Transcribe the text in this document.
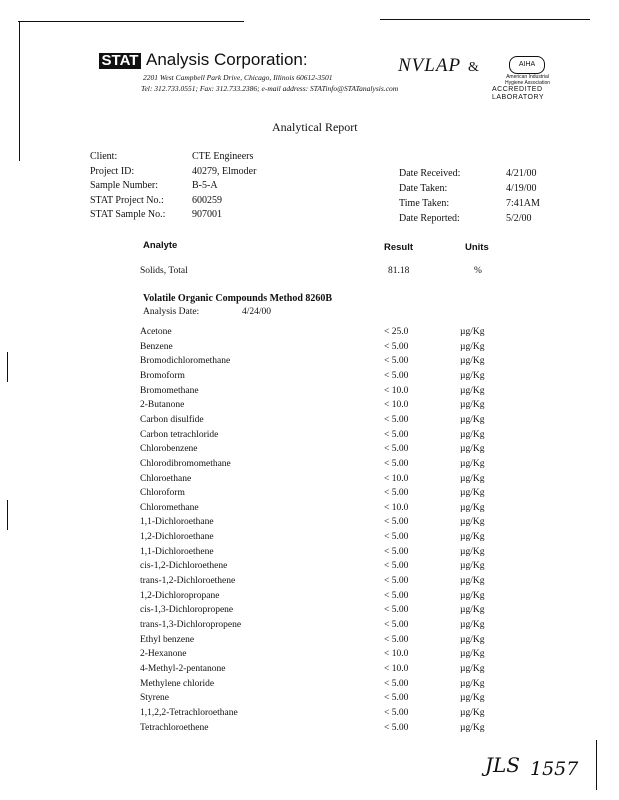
STAT Analysis Corporation:
2201 West Campbell Park Drive, Chicago, Illinois 60612-3501
Tel: 312.733.0551; Fax: 312.733.2386; e-mail address: STATinfo@STATanalysis.com
NVLAP &	AIHA
American Industrial Hygiene Association
ACCREDITED
LABORATORY
Analytical Report
Client:	CTE Engineers
Project ID:	40279, Elmoder
Sample Number:	B-5-A
STAT Project No.:	600259
STAT Sample No.:	907001
Date Received:	4/21/00
Date Taken:	4/19/00
Time Taken:	7:41AM
Date Reported:	5/2/00
Analyte	Result	Units
Solids, Total	81.18	%
Volatile Organic Compounds Method 8260B
Analysis Date:	4/24/00
Acetone	< 25.0	µg/Kg
Benzene	< 5.00	µg/Kg
Bromodichloromethane	< 5.00	µg/Kg
Bromoform	< 5.00	µg/Kg
Bromomethane	< 10.0	µg/Kg
2-Butanone	< 10.0	µg/Kg
Carbon disulfide	< 5.00	µg/Kg
Carbon tetrachloride	< 5.00	µg/Kg
Chlorobenzene	< 5.00	µg/Kg
Chlorodibromomethane	< 5.00	µg/Kg
Chloroethane	< 10.0	µg/Kg
Chloroform	< 5.00	µg/Kg
Chloromethane	< 10.0	µg/Kg
1,1-Dichloroethane	< 5.00	µg/Kg
1,2-Dichloroethane	< 5.00	µg/Kg
1,1-Dichloroethene	< 5.00	µg/Kg
cis-1,2-Dichloroethene	< 5.00	µg/Kg
trans-1,2-Dichloroethene	< 5.00	µg/Kg
1,2-Dichloropropane	< 5.00	µg/Kg
cis-1,3-Dichloropropene	< 5.00	µg/Kg
trans-1,3-Dichloropropene	< 5.00	µg/Kg
Ethyl benzene	< 5.00	µg/Kg
2-Hexanone	< 10.0	µg/Kg
4-Methyl-2-pentanone	< 10.0	µg/Kg
Methylene chloride	< 5.00	µg/Kg
Styrene	< 5.00	µg/Kg
1,1,2,2-Tetrachloroethane	< 5.00	µg/Kg
Tetrachloroethene	< 5.00	µg/Kg
JLS 1557
